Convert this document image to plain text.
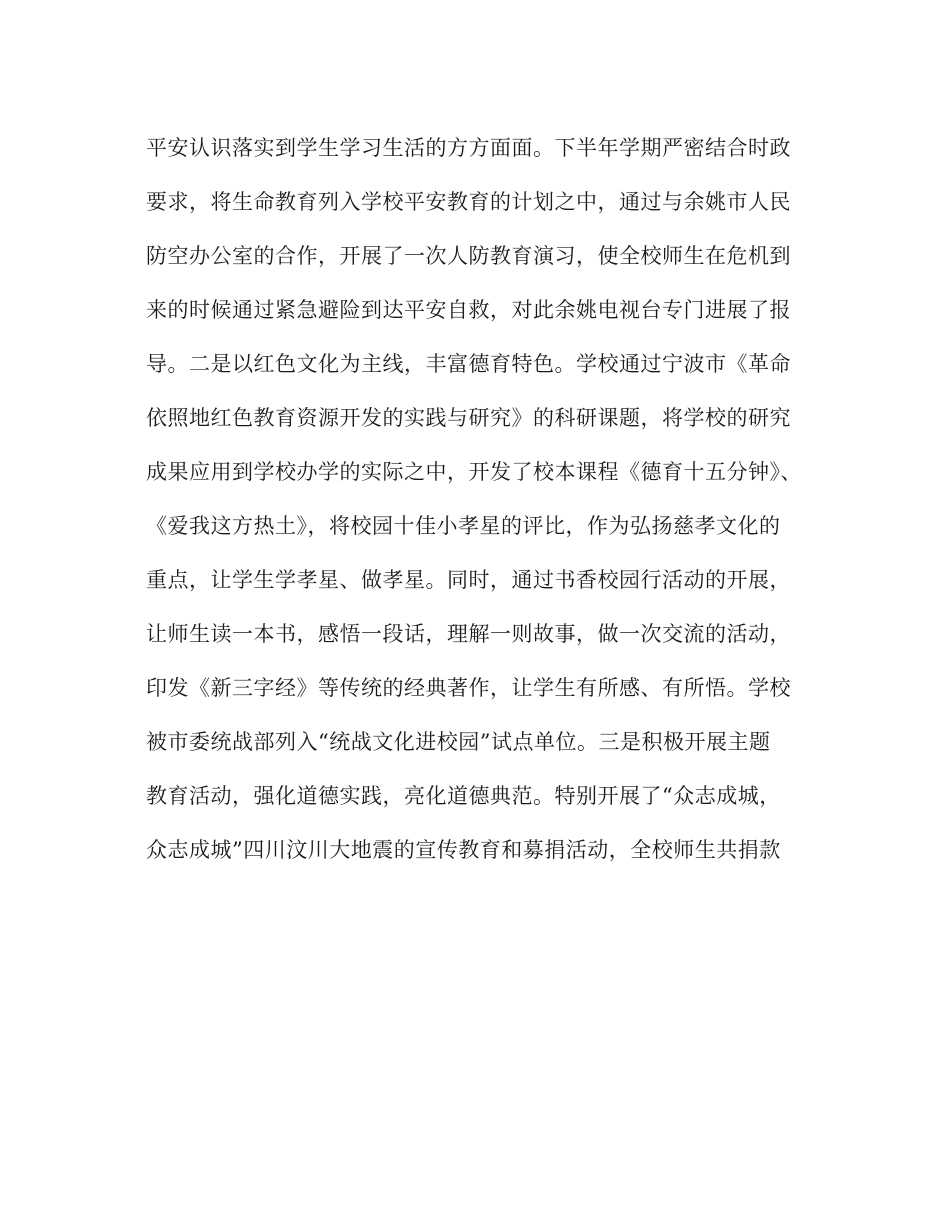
平安认识落实到学生学习生活的方方面面。下半年学期严密结合时政
要求，将生命教育列入学校平安教育的计划之中，通过与余姚市人民
防空办公室的合作，开展了一次人防教育演习，使全校师生在危机到
来的时候通过紧急避险到达平安自救，对此余姚电视台专门进展了报
导。二是以红色文化为主线，丰富德育特色。学校通过宁波市《革命
依照地红色教育资源开发的实践与研究》的科研课题，将学校的研究
成果应用到学校办学的实际之中，开发了校本课程《德育十五分钟》、
《爱我这方热土》，将校园十佳小孝星的评比，作为弘扬慈孝文化的
重点，让学生学孝星、做孝星。同时，通过书香校园行活动的开展，
让师生读一本书，感悟一段话，理解一则故事，做一次交流的活动，
印发《新三字经》等传统的经典著作，让学生有所感、有所悟。学校
被市委统战部列入“统战文化进校园”试点单位。三是积极开展主题
教育活动，强化道德实践，亮化道德典范。特别开展了“众志成城，
众志成城”四川汶川大地震的宣传教育和募捐活动，全校师生共捐款
